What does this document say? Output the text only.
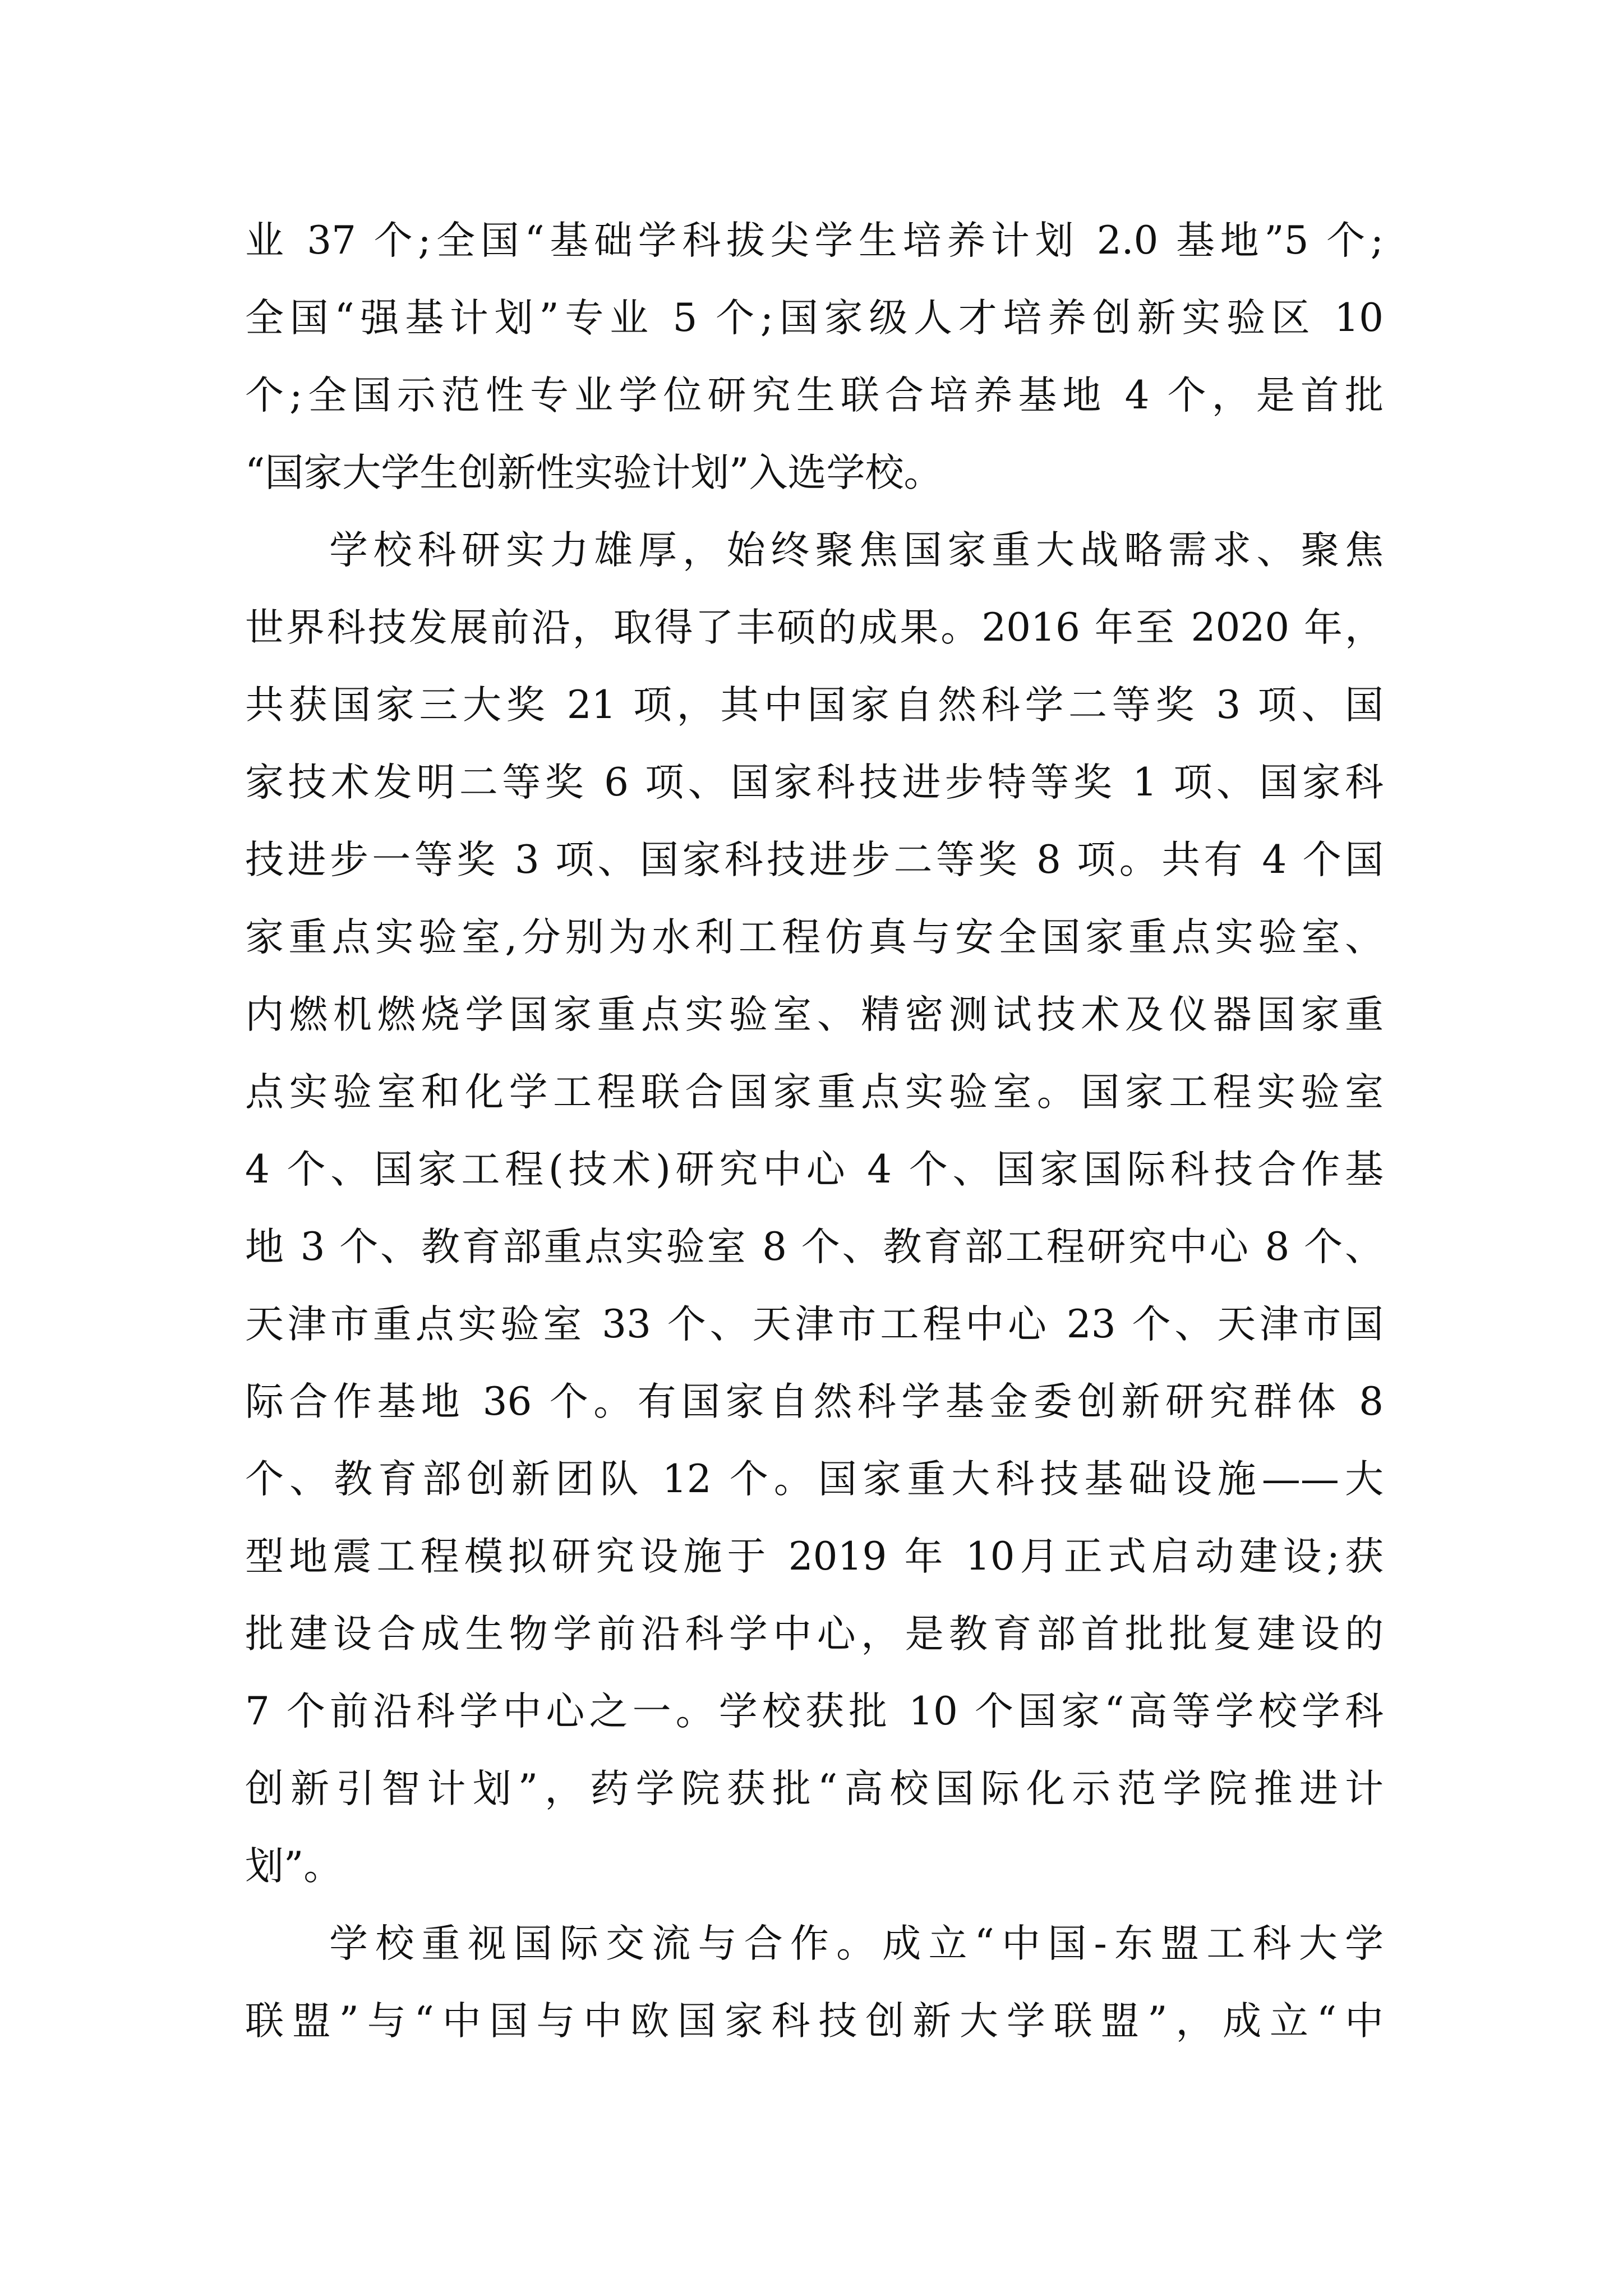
业 37 个;全国“基础学科拔尖学生培养计划 2.0 基地”5 个;
全国“强基计划”专业 5 个;国家级人才培养创新实验区 10
个;全国示范性专业学位研究生联合培养基地 4 个，是首批
“国家大学生创新性实验计划”入选学校。
学校科研实力雄厚，始终聚焦国家重大战略需求、聚焦
世界科技发展前沿，取得了丰硕的成果。2016 年至 2020 年，
共获国家三大奖 21 项，其中国家自然科学二等奖 3 项、国
家技术发明二等奖 6 项、国家科技进步特等奖 1 项、国家科
技进步一等奖 3 项、国家科技进步二等奖 8 项。共有 4 个国
家重点实验室,分别为水利工程仿真与安全国家重点实验室、
内燃机燃烧学国家重点实验室、精密测试技术及仪器国家重
点实验室和化学工程联合国家重点实验室。国家工程实验室
4 个、国家工程(技术)研究中心 4 个、国家国际科技合作基
地 3 个、教育部重点实验室 8 个、教育部工程研究中心 8 个、
天津市重点实验室 33 个、天津市工程中心 23 个、天津市国
际合作基地 36 个。有国家自然科学基金委创新研究群体 8
个、教育部创新团队 12 个。国家重大科技基础设施——大
型地震工程模拟研究设施于 2019 年 10月正式启动建设;获
批建设合成生物学前沿科学中心，是教育部首批批复建设的
7 个前沿科学中心之一。学校获批 10 个国家“高等学校学科
创新引智计划”，药学院获批“高校国际化示范学院推进计
划”。
学校重视国际交流与合作。成立“中国-东盟工科大学
联盟”与“中国与中欧国家科技创新大学联盟”，成立“中
